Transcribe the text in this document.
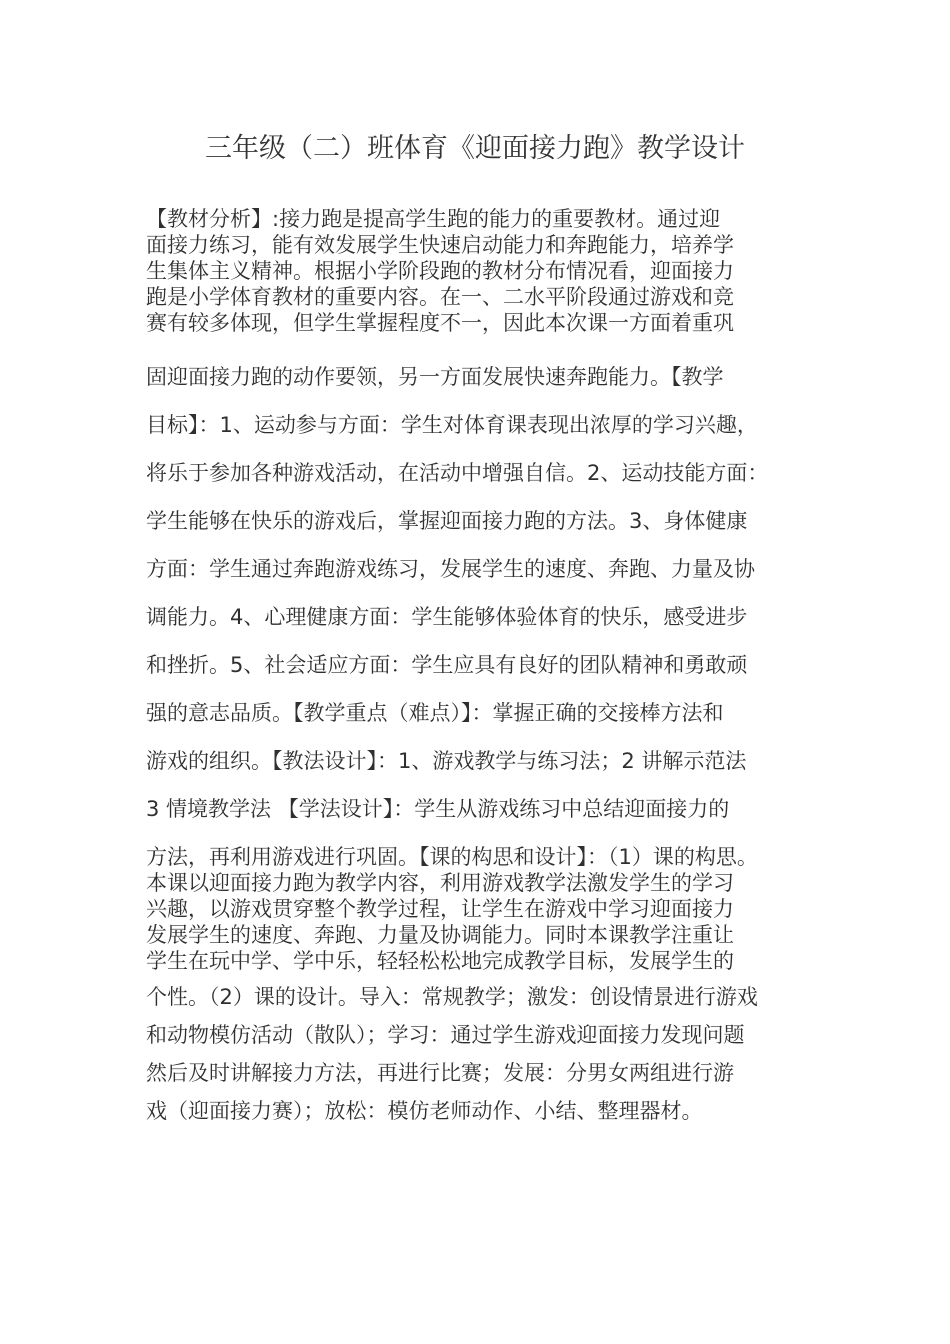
三年级（二）班体育《迎面接力跑》教学设计
【教材分析】:接力跑是提高学生跑的能力的重要教材。通过迎
面接力练习，能有效发展学生快速启动能力和奔跑能力，培养学
生集体主义精神。根据小学阶段跑的教材分布情况看，迎面接力
跑是小学体育教材的重要内容。在一、二水平阶段通过游戏和竞
赛有较多体现，但学生掌握程度不一，因此本次课一方面着重巩
固迎面接力跑的动作要领，另一方面发展快速奔跑能力。【教学
目标】：1、运动参与方面：学生对体育课表现出浓厚的学习兴趣，
将乐于参加各种游戏活动，在活动中增强自信。2、运动技能方面：
学生能够在快乐的游戏后，掌握迎面接力跑的方法。3、身体健康
方面：学生通过奔跑游戏练习，发展学生的速度、奔跑、力量及协
调能力。4、心理健康方面：学生能够体验体育的快乐，感受进步
和挫折。5、社会适应方面：学生应具有良好的团队精神和勇敢顽
强的意志品质。【教学重点（难点）】：掌握正确的交接棒方法和
游戏的组织。【教法设计】：1、游戏教学与练习法；2 讲解示范法
3 情境教学法 【学法设计】：学生从游戏练习中总结迎面接力的
方法，再利用游戏进行巩固。【课的构思和设计】：（1）课的构思。
本课以迎面接力跑为教学内容，利用游戏教学法激发学生的学习
兴趣，以游戏贯穿整个教学过程，让学生在游戏中学习迎面接力
发展学生的速度、奔跑、力量及协调能力。同时本课教学注重让
学生在玩中学、学中乐，轻轻松松地完成教学目标，发展学生的
个性。（2）课的设计。导入：常规教学；激发：创设情景进行游戏
和动物模仿活动（散队）；学习：通过学生游戏迎面接力发现问题
然后及时讲解接力方法，再进行比赛；发展：分男女两组进行游
戏（迎面接力赛）；放松：模仿老师动作、小结、整理器材。
